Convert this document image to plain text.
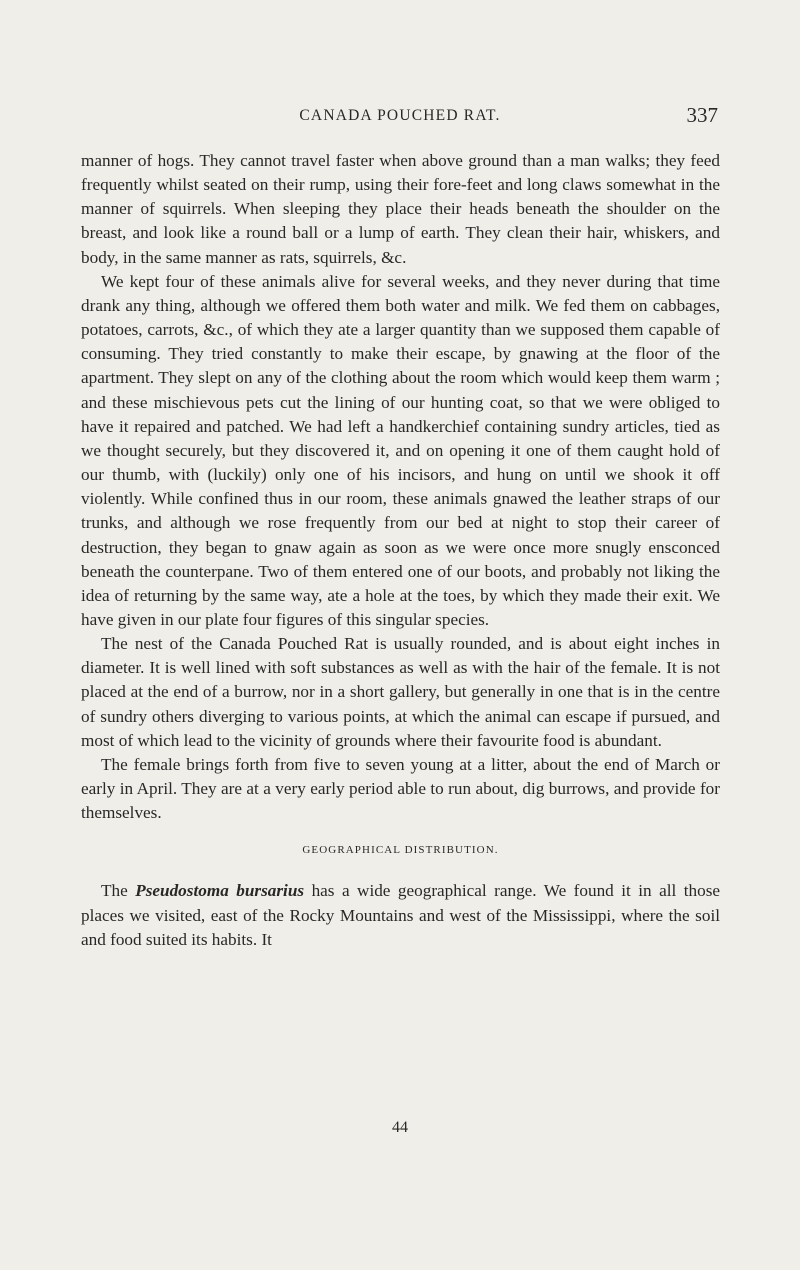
CANADA POUCHED RAT.	337

manner of hogs. They cannot travel faster when above ground than a man walks; they feed frequently whilst seated on their rump, using their fore-feet and long claws somewhat in the manner of squirrels. When sleeping they place their heads beneath the shoulder on the breast, and look like a round ball or a lump of earth. They clean their hair, whiskers, and body, in the same manner as rats, squirrels, &c.

We kept four of these animals alive for several weeks, and they never during that time drank any thing, although we offered them both water and milk. We fed them on cabbages, potatoes, carrots, &c., of which they ate a larger quantity than we supposed them capable of consuming. They tried constantly to make their escape, by gnawing at the floor of the apartment. They slept on any of the clothing about the room which would keep them warm ; and these mischievous pets cut the lining of our hunting coat, so that we were obliged to have it repaired and patched. We had left a handkerchief containing sundry articles, tied as we thought securely, but they discovered it, and on opening it one of them caught hold of our thumb, with (luckily) only one of his incisors, and hung on until we shook it off violently. While confined thus in our room, these animals gnawed the leather straps of our trunks, and although we rose frequently from our bed at night to stop their career of destruction, they began to gnaw again as soon as we were once more snugly ensconced beneath the counterpane. Two of them entered one of our boots, and probably not liking the idea of returning by the same way, ate a hole at the toes, by which they made their exit. We have given in our plate four figures of this singular species.

The nest of the Canada Pouched Rat is usually rounded, and is about eight inches in diameter. It is well lined with soft substances as well as with the hair of the female. It is not placed at the end of a burrow, nor in a short gallery, but generally in one that is in the centre of sundry others diverging to various points, at which the animal can escape if pursued, and most of which lead to the vicinity of grounds where their favourite food is abundant.

The female brings forth from five to seven young at a litter, about the end of March or early in April. They are at a very early period able to run about, dig burrows, and provide for themselves.

GEOGRAPHICAL DISTRIBUTION.

The Pseudostoma bursarius has a wide geographical range. We found it in all those places we visited, east of the Rocky Mountains and west of the Mississippi, where the soil and food suited its habits. It

44
